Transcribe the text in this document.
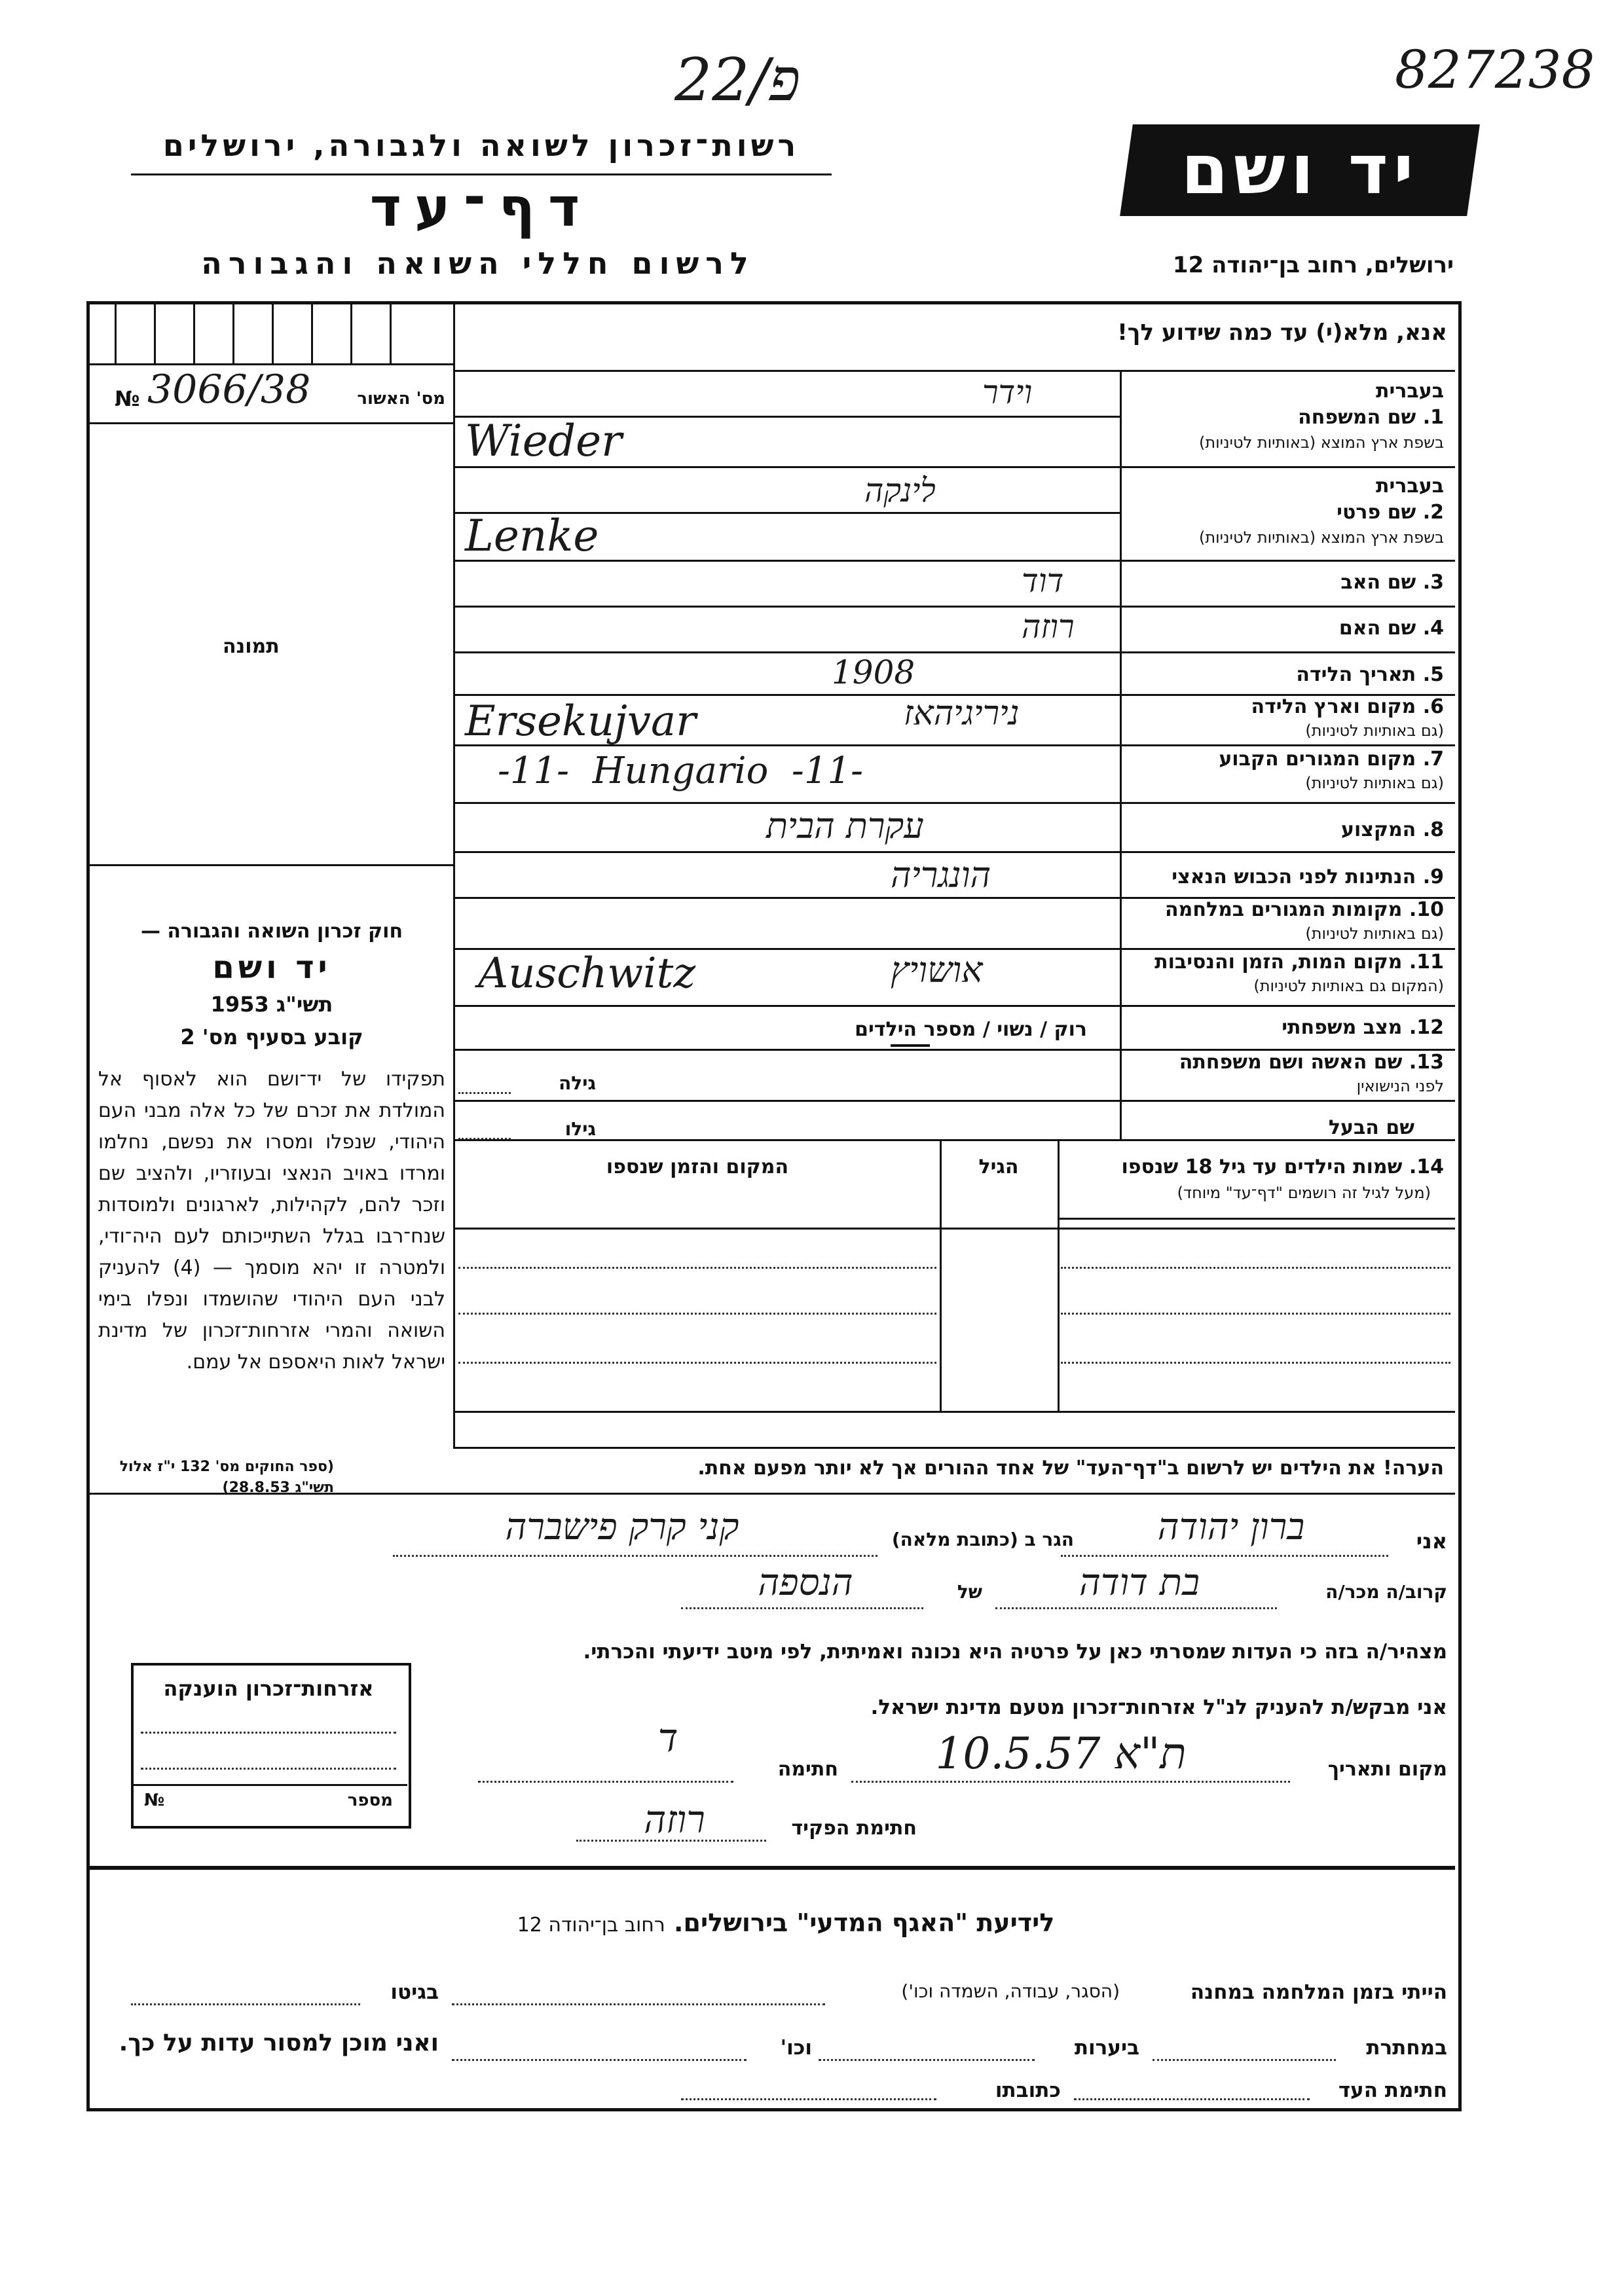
22/פ	827238
רשות־זכרון לשואה ולגבורה, ירושלים
דף־עד
לרשום חללי השואה והגבורה
יד ושם
ירושלים, רחוב בן־יהודה 12
אנא, מלא(י) עד כמה שידוע לך!
№ 3066/38	מס' האשור
תמונה
בעברית
1. שם המשפחה
בשפת ארץ המוצא (באותיות לטיניות)
וידר
Wieder
בעברית
2. שם פרטי
בשפת ארץ המוצא (באותיות לטיניות)
לינקה
Lenke
3. שם האב
דוד
4. שם האם
רוזה
5. תאריך הלידה
1908
6. מקום וארץ הלידה
(גם באותיות לטיניות)
ניריגיהאז
Ersekujvar
7. מקום המגורים הקבוע
(גם באותיות לטיניות)
-11-  Hungario  -11-
8. המקצוע
עקרת הבית
9. הנתינות לפני הכבוש הנאצי
הונגריה
10. מקומות המגורים במלחמה
(גם באותיות לטיניות)
11. מקום המות, הזמן והנסיבות
(המקום גם באותיות לטיניות)
אושויץ
Auschwitz
12. מצב משפחתי
רוק / נשוי / מספר הילדים
13. שם האשה ושם משפחתה
לפני הנישואין
גילה
שם הבעל
גילו
14. שמות הילדים עד גיל 18 שנספו
(מעל לגיל זה רושמים "דף־עד" מיוחד)
הגיל
המקום והזמן שנספו
חוק זכרון השואה והגבורה —
יד ושם
תשי"ג 1953
קובע בסעיף מס' 2
תפקידו של יד־ושם הוא לאסוף אל המולדת את זכרם של כל אלה מבני העם היהודי, שנפלו ומסרו את נפשם, נחלמו ומרדו באויב הנאצי ובעוזריו, ולהציב שם וזכר להם, לקהילות, לארגונים ולמוסדות שנח־רבו בגלל השתייכותם לעם היה־ודי, ולמטרה זו יהא מוסמך — (4) להעניק לבני העם היהודי שהושמדו ונפלו בימי השואה והמרי אזרחות־זכרון של מדינת ישראל לאות היאספם אל עמם.
(ספר החוקים מס' 132 י"ז אלול תשי"ג 28.8.53)
הערה! את הילדים יש לרשום ב"דף־העד" של אחד ההורים אך לא יותר מפעם אחת.
אני
ברון יהודה
הגר ב (כתובת מלאה)
קני קרק פישברה
קרוב/ה מכר/ה
בת דודה
של
הנספה
מצהיר/ה בזה כי העדות שמסרתי כאן על פרטיה היא נכונה ואמיתית, לפי מיטב ידיעתי והכרתי.
אני מבקש/ת להעניק לנ"ל אזרחות־זכרון מטעם מדינת ישראל.
מקום ותאריך
ת"א 10.5.57
חתימה
ד
חתימת הפקיד
רוזה
אזרחות־זכרון הוענקה
№	מספר
לידיעת "האגף המדעי" בירושלים. רחוב בן־יהודה 12
הייתי בזמן המלחמה במחנה
(הסגר, עבודה, השמדה וכו')
בגיטו
במחתרת
ביערות
וכו'
ואני מוכן למסור עדות על כך.
חתימת העד
כתובתו
